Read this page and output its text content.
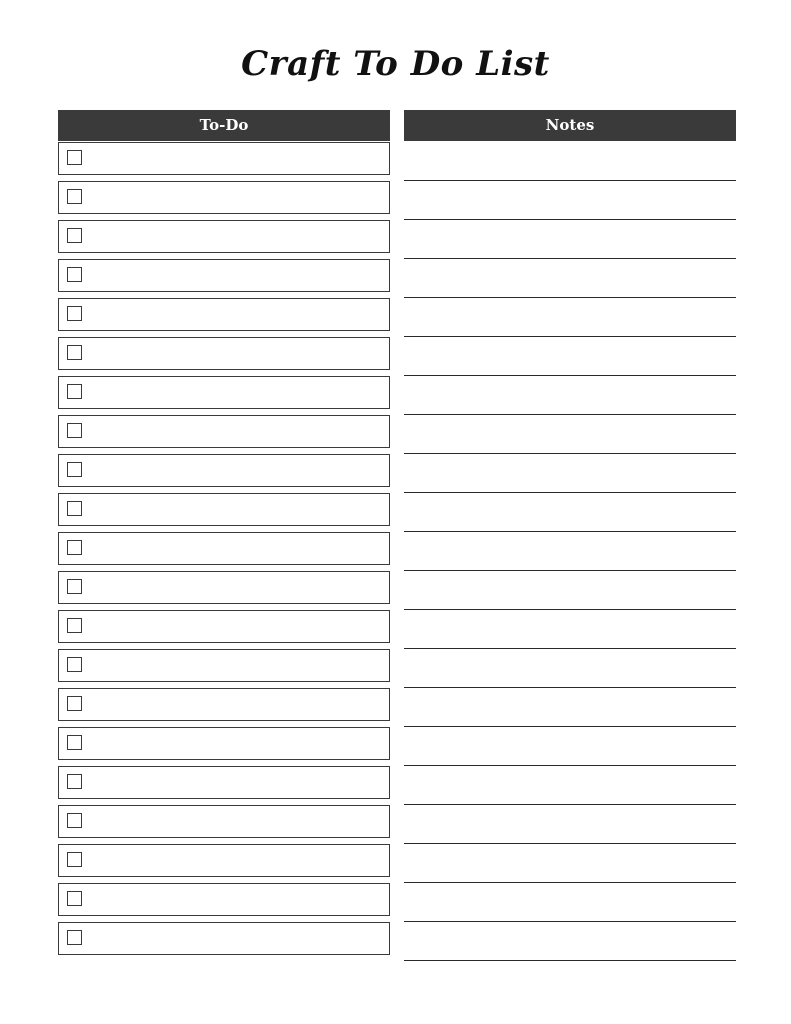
Craft To Do List
To-Do	Notes
